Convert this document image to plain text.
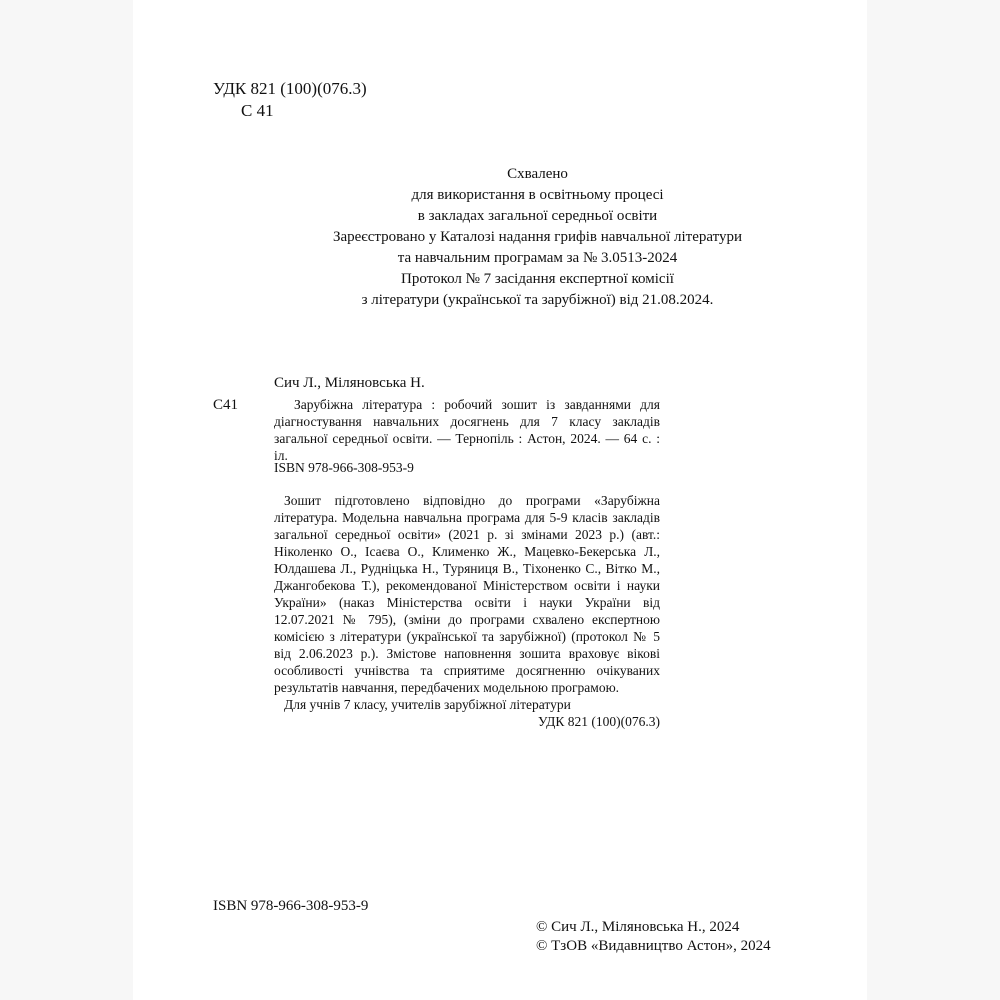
УДК 821 (100)(076.3)
С 41
Схвалено
для використання в освітньому процесі
в закладах загальної середньої освіти
Зареєстровано у Каталозі надання грифів навчальної літератури
та навчальним програмам за № 3.0513-2024
Протокол № 7 засідання експертної комісії
з літератури (української та зарубіжної) від 21.08.2024.
Сич Л., Міляновська Н.
С41	Зарубіжна література : робочий зошит із завданнями для діагностування навчальних досягнень для 7 класу закладів загальної середньої освіти. — Тернопіль : Астон, 2024. — 64 с. : іл.
ISBN 978-966-308-953-9

Зошит підготовлено відповідно до програми «Зарубіжна література. Модельна навчальна програма для 5-9 класів закладів загальної середньої освіти» (2021 р. зі змінами 2023 р.) (авт.: Ніколенко О., Ісаєва О., Клименко Ж., Мацевко-Бекерська Л., Юлдашева Л., Рудніцька Н., Туряниця В., Тіхоненко С., Вітко М., Джангобекова Т.), рекомендованої Міністерством освіти і науки України» (наказ Міністерства освіти і науки України від 12.07.2021 № 795), (зміни до програми схвалено експертною комісією з літератури (української та зарубіжної) (протокол № 5 від 2.06.2023 р.). Змістове наповнення зошита враховує вікові особливості учнівства та сприятиме досягненню очікуваних результатів навчання, передбачених модельною програмою.

Для учнів 7 класу, учителів зарубіжної літератури

УДК 821 (100)(076.3)

ISBN 978-966-308-953-9
© Сич Л., Міляновська Н., 2024
© ТзОВ «Видавництво Астон», 2024
